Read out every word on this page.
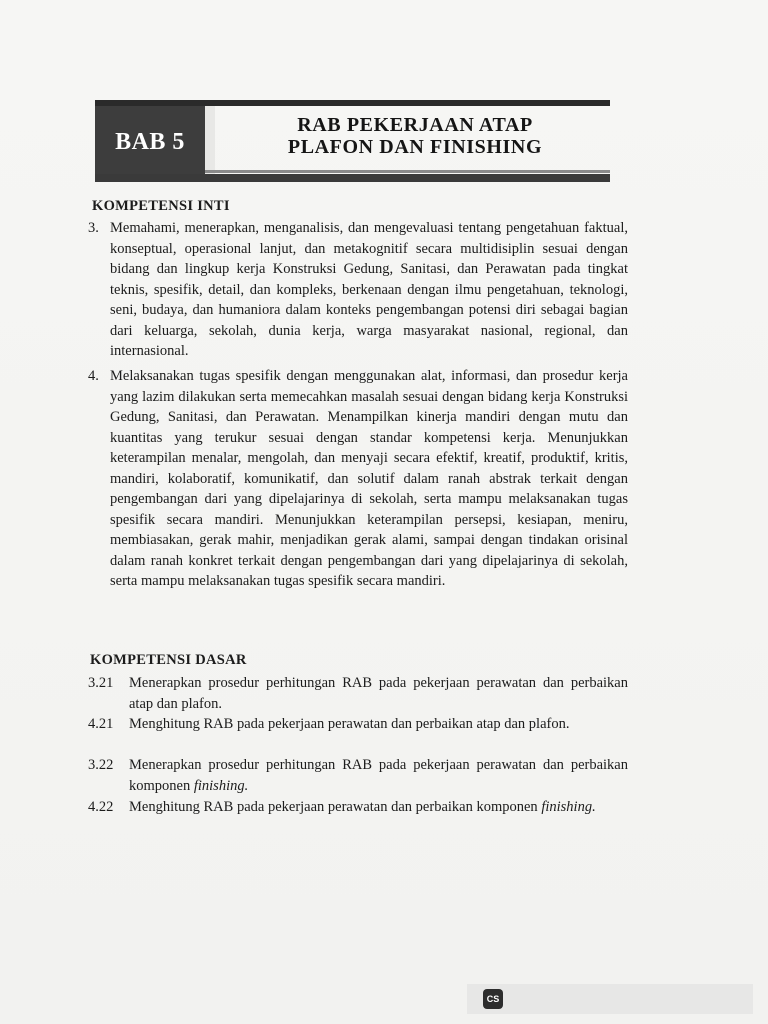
BAB 5
RAB PEKERJAAN ATAP
PLAFON DAN FINISHING
KOMPETENSI INTI
3. Memahami, menerapkan, menganalisis, dan mengevaluasi tentang pengetahuan faktual, konseptual, operasional lanjut, dan metakognitif secara multidisiplin sesuai dengan bidang dan lingkup kerja Konstruksi Gedung, Sanitasi, dan Perawatan pada tingkat teknis, spesifik, detail, dan kompleks, berkenaan dengan ilmu pengetahuan, teknologi, seni, budaya, dan humaniora dalam konteks pengembangan potensi diri sebagai bagian dari keluarga, sekolah, dunia kerja, warga masyarakat nasional, regional, dan internasional.
4. Melaksanakan tugas spesifik dengan menggunakan alat, informasi, dan prosedur kerja yang lazim dilakukan serta memecahkan masalah sesuai dengan bidang kerja Konstruksi Gedung, Sanitasi, dan Perawatan. Menampilkan kinerja mandiri dengan mutu dan kuantitas yang terukur sesuai dengan standar kompetensi kerja. Menunjukkan keterampilan menalar, mengolah, dan menyaji secara efektif, kreatif, produktif, kritis, mandiri, kolaboratif, komunikatif, dan solutif dalam ranah abstrak terkait dengan pengembangan dari yang dipelajarinya di sekolah, serta mampu melaksanakan tugas spesifik secara mandiri. Menunjukkan keterampilan persepsi, kesiapan, meniru, membiasakan, gerak mahir, menjadikan gerak alami, sampai dengan tindakan orisinal dalam ranah konkret terkait dengan pengembangan dari yang dipelajarinya di sekolah, serta mampu melaksanakan tugas spesifik secara mandiri.
KOMPETENSI DASAR
3.21	Menerapkan prosedur perhitungan RAB pada pekerjaan perawatan dan perbaikan atap dan plafon.
4.21	Menghitung RAB pada pekerjaan perawatan dan perbaikan atap dan plafon.
3.22	Menerapkan prosedur perhitungan RAB pada pekerjaan perawatan dan perbaikan komponen finishing.
4.22	Menghitung RAB pada pekerjaan perawatan dan perbaikan komponen finishing.
CS
